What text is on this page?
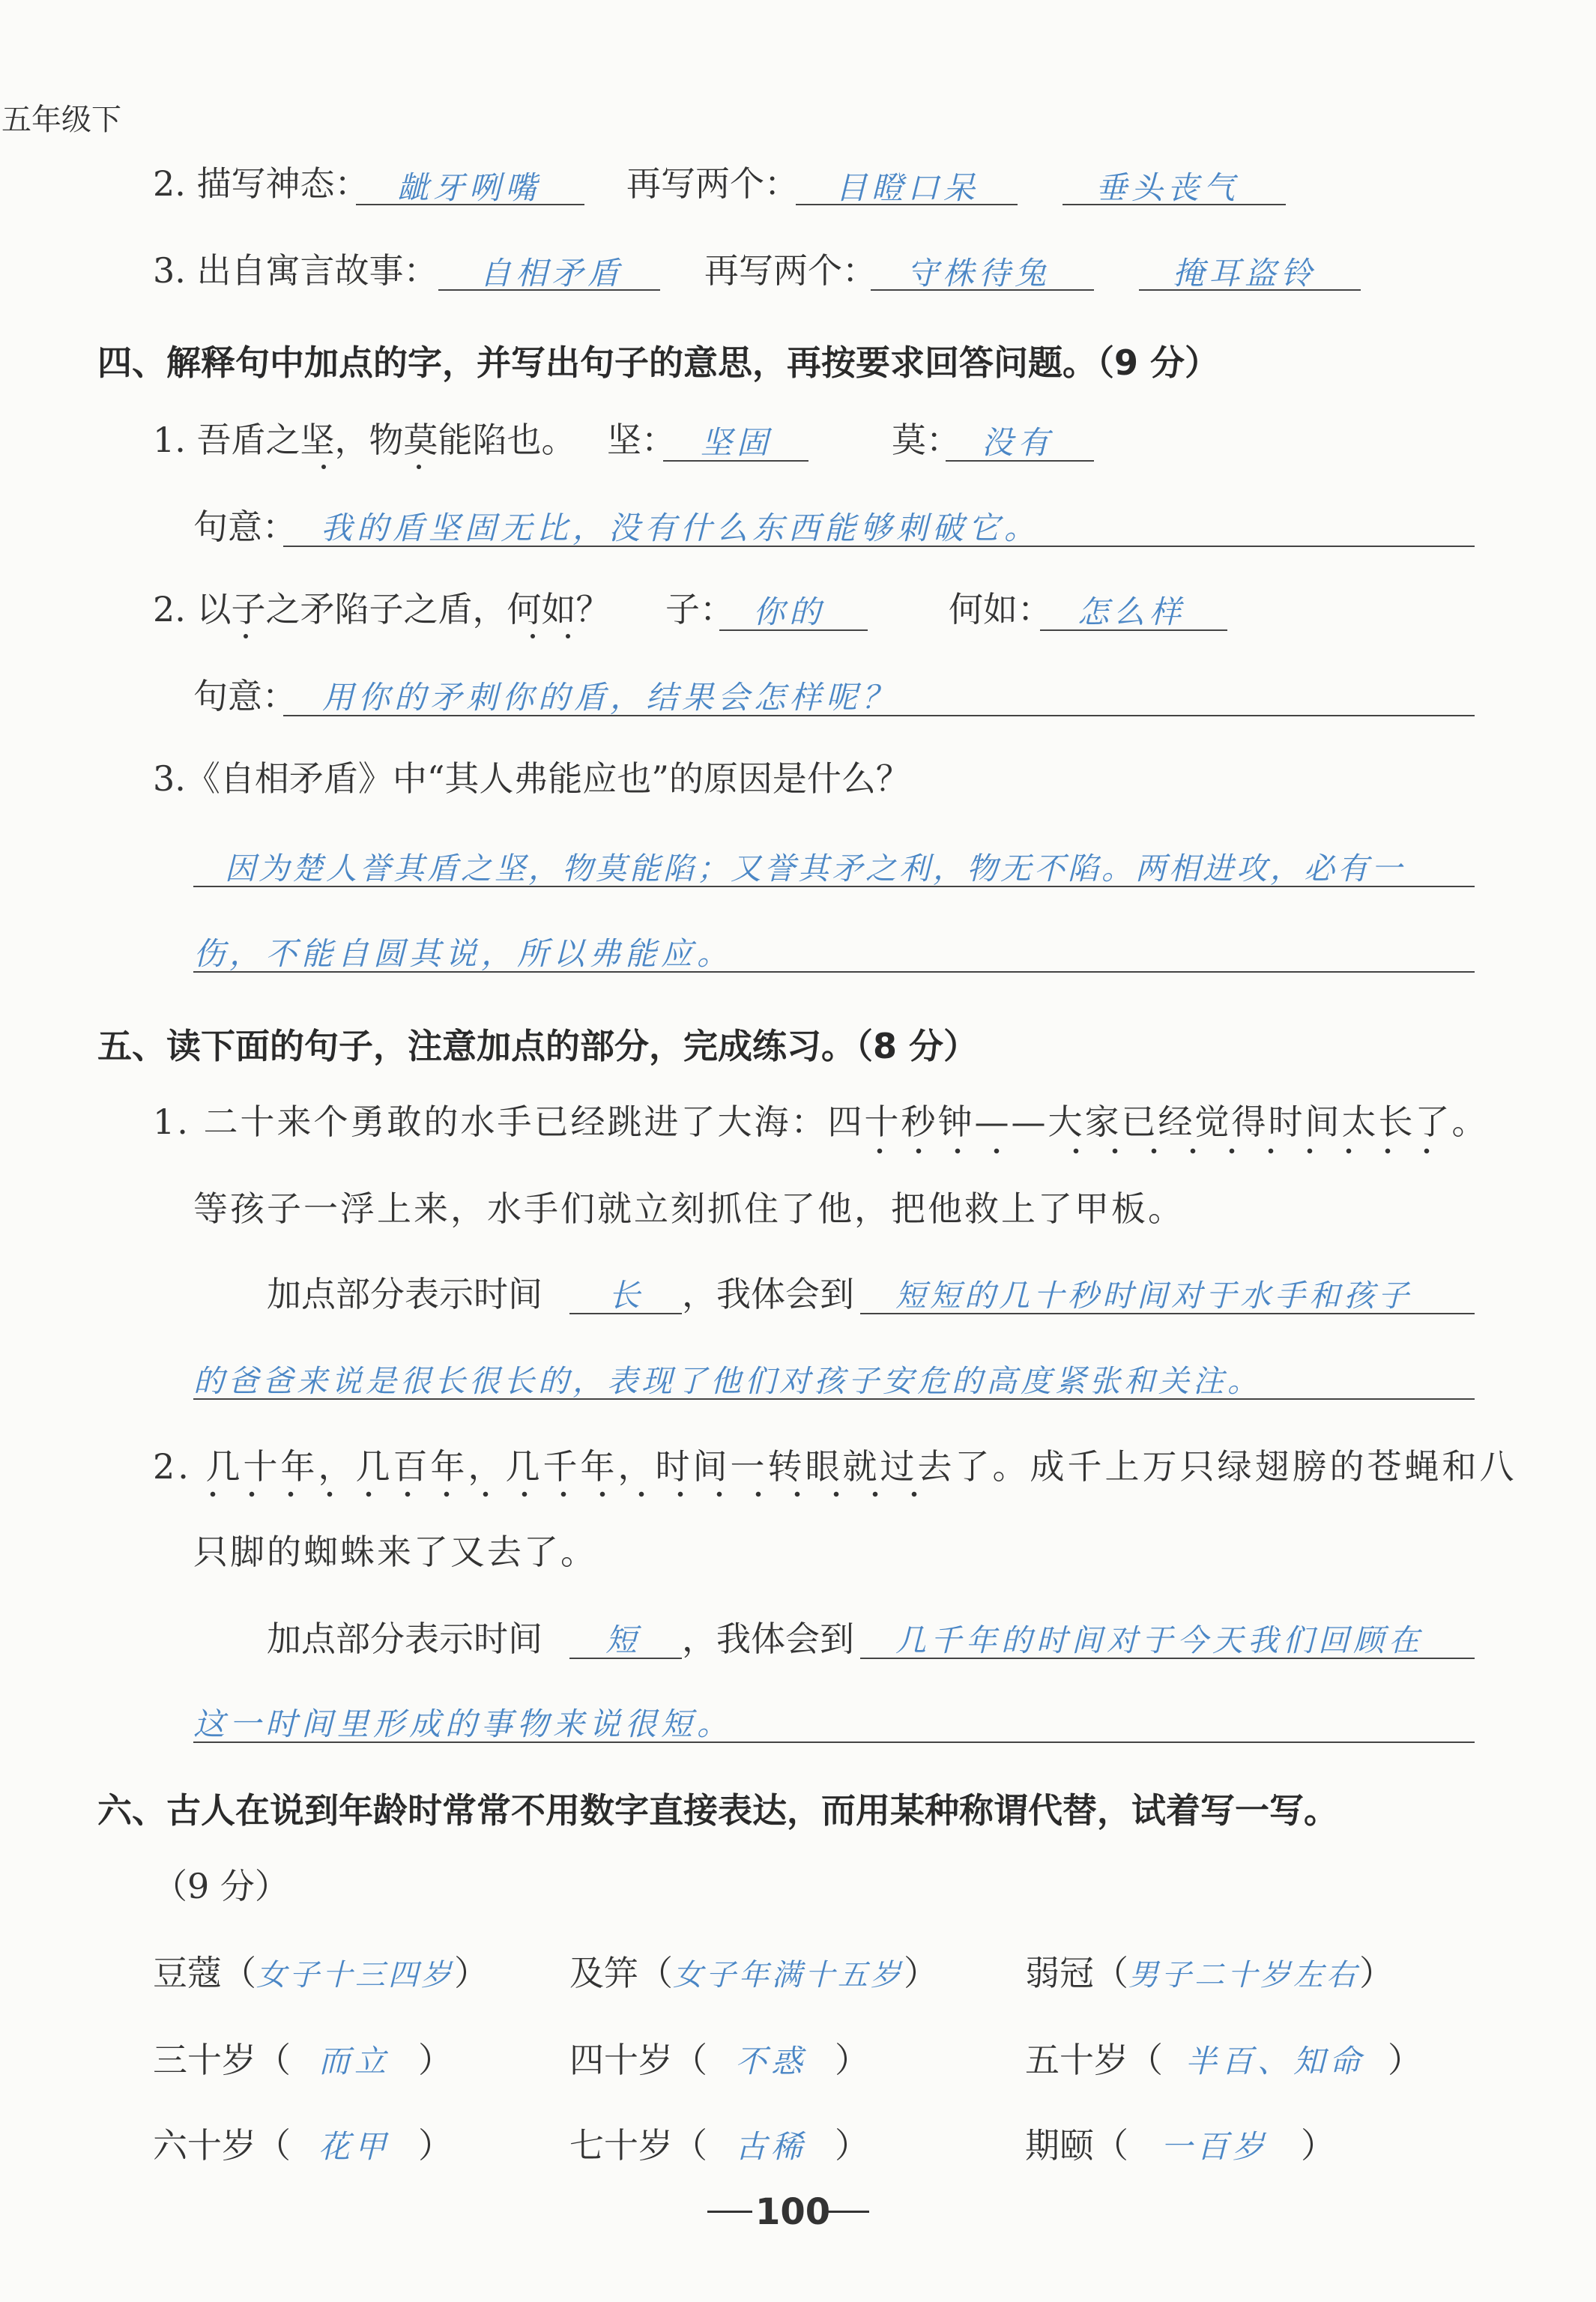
五年级下
2. 描写神态： 龇牙咧嘴 再写两个： 目瞪口呆	垂头丧气
3. 出自寓言故事： 自相矛盾 再写两个： 守株待兔	掩耳盗铃
四、解释句中加点的字，并写出句子的意思，再按要求回答问题。（9 分）
1. 吾盾之坚，物莫能陷也。 坚： 坚固	莫： 没有
句意： 我的盾坚固无比，没有什么东西能够刺破它。
2. 以子之矛陷子之盾，何如？ 子： 你的	何如： 怎么样
句意： 用你的矛刺你的盾，结果会怎样呢？
3.《自相矛盾》中“其人弗能应也”的原因是什么？
因为楚人誉其盾之坚，物莫能陷；又誉其矛之利，物无不陷。两相进攻，必有一
伤，不能自圆其说，所以弗能应。
五、读下面的句子，注意加点的部分，完成练习。（8 分）
1. 二十来个勇敢的水手已经跳进了大海：四十秒钟——大家已经觉得时间太长了。
等孩子一浮上来，水手们就立刻抓住了他，把他救上了甲板。
加点部分表示时间 长 ，我体会到 短短的几十秒时间对于水手和孩子
的爸爸来说是很长很长的，表现了他们对孩子安危的高度紧张和关注。
2. 几十年，几百年，几千年，时间一转眼就过去了。成千上万只绿翅膀的苍蝇和八
只脚的蜘蛛来了又去了。
加点部分表示时间 短 ，我体会到 几千年的时间对于今天我们回顾在
这一时间里形成的事物来说很短。
六、古人在说到年龄时常常不用数字直接表达，而用某种称谓代替，试着写一写。
（9 分）
豆蔻（女子十三四岁） 及笄（女子年满十五岁）	弱冠（男子二十岁左右）
三十岁（ 而立 ）	四十岁（ 不惑 ）	五十岁（ 半百、知命 ）
六十岁（ 花甲 ）	七十岁（ 古稀 ）	期颐（ 一百岁 ）
100
